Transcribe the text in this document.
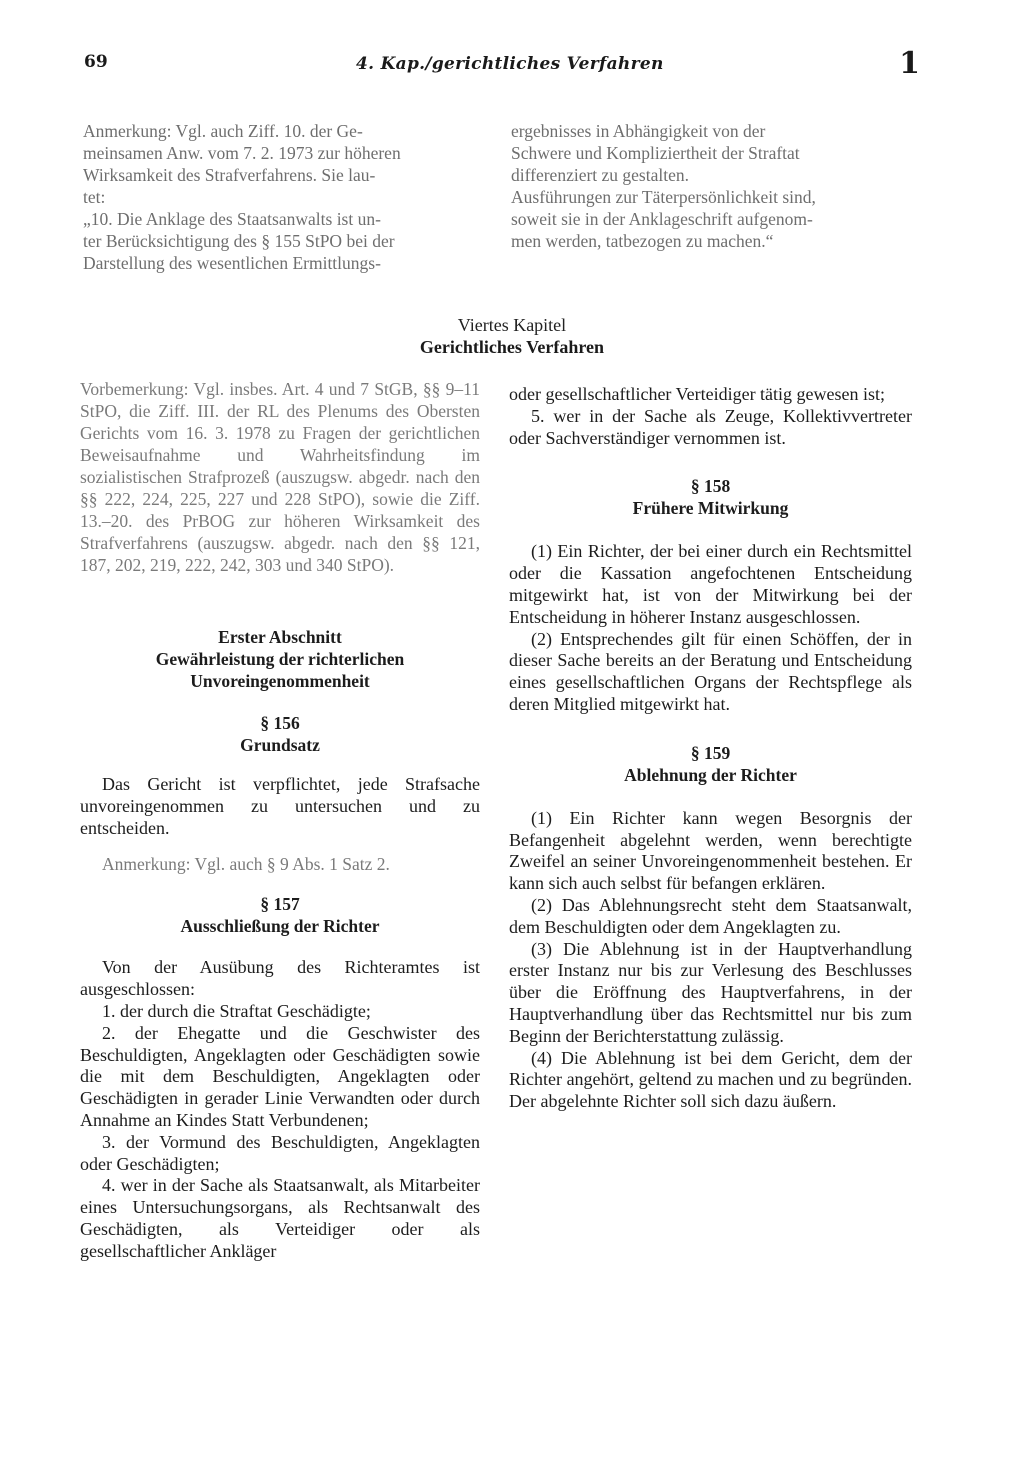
69	4. Kap./gerichtliches Verfahren	1

Anmerkung: Vgl. auch Ziff. 10. der Ge-

meinsamen Anw. vom 7. 2. 1973 zur höheren

Wirksamkeit des Strafverfahrens. Sie lau-

tet:

„10. Die Anklage des Staatsanwalts ist un-

ter Berücksichtigung des § 155 StPO bei der

Darstellung des wesentlichen Ermittlungs-

ergebnisses in Abhängigkeit von der

Schwere und Kompliziertheit der Straftat

differenziert zu gestalten.

Ausführungen zur Täterpersönlichkeit sind,

soweit sie in der Anklageschrift aufgenom-

men werden, tatbezogen zu machen.“

Viertes Kapitel
Gerichtliches Verfahren

Vorbemerkung: Vgl. insbes. Art. 4 und 7 StGB, §§ 9–11 StPO, die Ziff. III. der RL des Plenums des Obersten Gerichts vom 16. 3. 1978 zu Fragen der gerichtlichen Beweisaufnahme und Wahrheitsfindung im sozialistischen Strafprozeß (auszugsw. abgedr. nach den §§ 222, 224, 225, 227 und 228 StPO), sowie die Ziff. 13.–20. des PrBOG zur höheren Wirksamkeit des Strafverfahrens (auszugsw. abgedr. nach den §§ 121, 187, 202, 219, 222, 242, 303 und 340 StPO).

Erster Abschnitt
Gewährleistung der richterlichen
Unvoreingenommenheit
§ 156
Grundsatz

Das Gericht ist verpflichtet, jede Strafsache unvoreingenommen zu untersuchen und zu entscheiden.

Anmerkung: Vgl. auch § 9 Abs. 1 Satz 2.

§ 157
Ausschließung der Richter

Von der Ausübung des Richteramtes ist ausgeschlossen:

1. der durch die Straftat Geschädigte;

2. der Ehegatte und die Geschwister des Beschuldigten, Angeklagten oder Geschädigten sowie die mit dem Beschuldigten, Angeklagten oder Geschädigten in gerader Linie Verwandten oder durch Annahme an Kindes Statt Verbundenen;

3. der Vormund des Beschuldigten, Angeklagten oder Geschädigten;

4. wer in der Sache als Staatsanwalt, als Mitarbeiter eines Untersuchungsorgans, als Rechtsanwalt des Geschädigten, als Verteidiger oder als gesellschaftlicher Ankläger

oder gesellschaftlicher Verteidiger tätig gewesen ist;

5. wer in der Sache als Zeuge, Kollektivvertreter oder Sachverständiger vernommen ist.

§ 158
Frühere Mitwirkung

(1) Ein Richter, der bei einer durch ein Rechtsmittel oder die Kassation angefochtenen Entscheidung mitgewirkt hat, ist von der Mitwirkung bei der Entscheidung in höherer Instanz ausgeschlossen.

(2) Entsprechendes gilt für einen Schöffen, der in dieser Sache bereits an der Beratung und Entscheidung eines gesellschaftlichen Organs der Rechtspflege als deren Mitglied mitgewirkt hat.

§ 159
Ablehnung der Richter

(1) Ein Richter kann wegen Besorgnis der Befangenheit abgelehnt werden, wenn berechtigte Zweifel an seiner Unvoreingenommenheit bestehen. Er kann sich auch selbst für befangen erklären.

(2) Das Ablehnungsrecht steht dem Staatsanwalt, dem Beschuldigten oder dem Angeklagten zu.

(3) Die Ablehnung ist in der Hauptverhandlung erster Instanz nur bis zur Verlesung des Beschlusses über die Eröffnung des Hauptverfahrens, in der Hauptverhandlung über das Rechtsmittel nur bis zum Beginn der Berichterstattung zulässig.

(4) Die Ablehnung ist bei dem Gericht, dem der Richter angehört, geltend zu machen und zu begründen. Der abgelehnte Richter soll sich dazu äußern.
